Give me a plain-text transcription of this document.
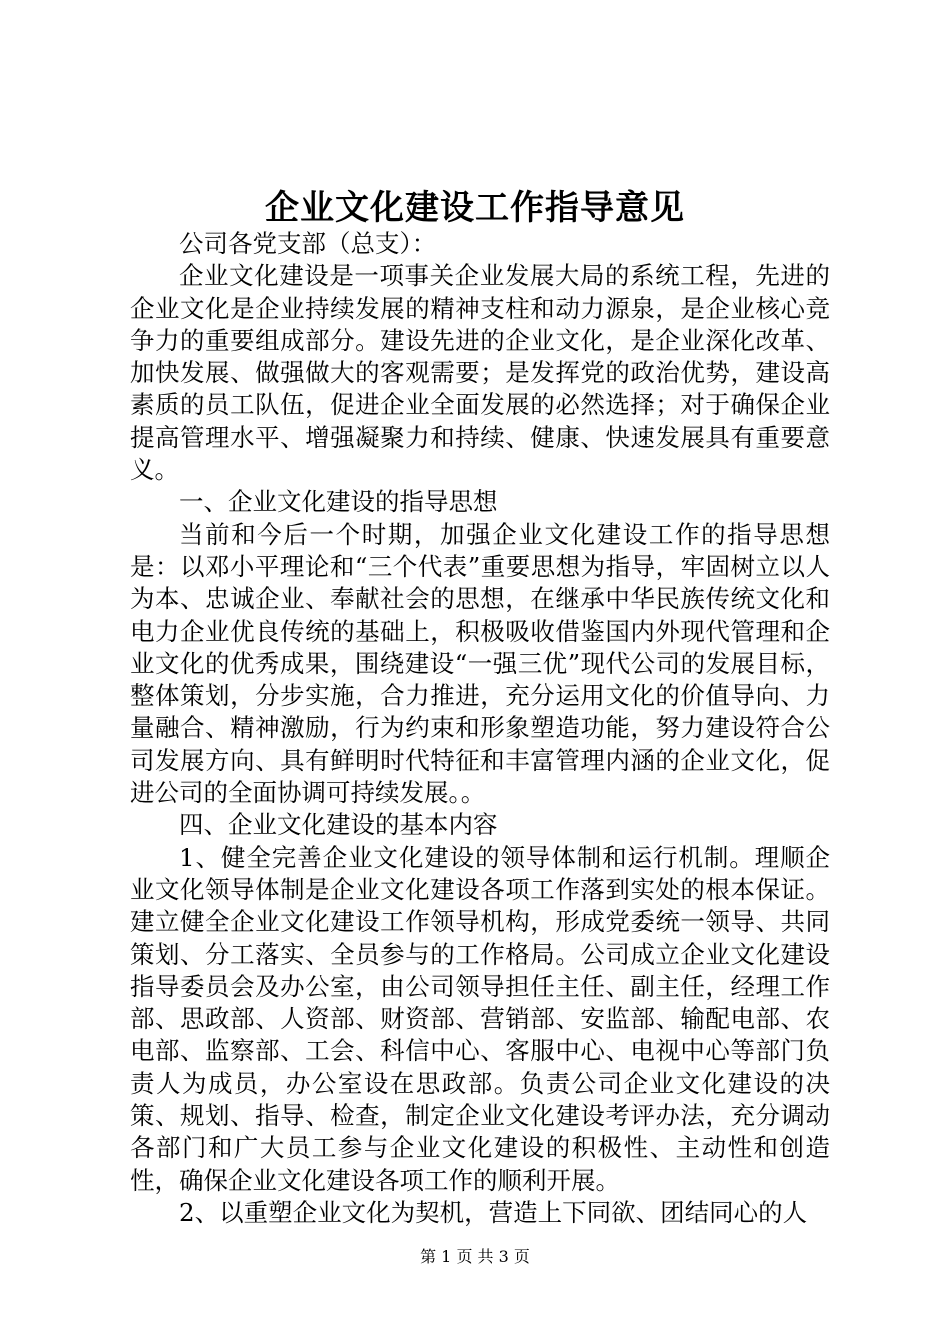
企业文化建设工作指导意见

公司各党支部（总支）：

企业文化建设是一项事关企业发展大局的系统工程，先进的企业文化是企业持续发展的精神支柱和动力源泉，是企业核心竞争力的重要组成部分。建设先进的企业文化，是企业深化改革、加快发展、做强做大的客观需要；是发挥党的政治优势，建设高素质的员工队伍，促进企业全面发展的必然选择；对于确保企业提高管理水平、增强凝聚力和持续、健康、快速发展具有重要意义。

一、企业文化建设的指导思想

当前和今后一个时期，加强企业文化建设工作的指导思想是：以邓小平理论和“三个代表”重要思想为指导，牢固树立以人为本、忠诚企业、奉献社会的思想，在继承中华民族传统文化和电力企业优良传统的基础上，积极吸收借鉴国内外现代管理和企业文化的优秀成果，围绕建设“一强三优”现代公司的发展目标，整体策划，分步实施，合力推进，充分运用文化的价值导向、力量融合、精神激励，行为约束和形象塑造功能，努力建设符合公司发展方向、具有鲜明时代特征和丰富管理内涵的企业文化，促进公司的全面协调可持续发展。。

四、企业文化建设的基本内容

1、健全完善企业文化建设的领导体制和运行机制。理顺企业文化领导体制是企业文化建设各项工作落到实处的根本保证。建立健全企业文化建设工作领导机构，形成党委统一领导、共同策划、分工落实、全员参与的工作格局。公司成立企业文化建设指导委员会及办公室，由公司领导担任主任、副主任，经理工作部、思政部、人资部、财资部、营销部、安监部、输配电部、农电部、监察部、工会、科信中心、客服中心、电视中心等部门负责人为成员，办公室设在思政部。负责公司企业文化建设的决策、规划、指导、检查，制定企业文化建设考评办法，充分调动各部门和广大员工参与企业文化建设的积极性、主动性和创造性，确保企业文化建设各项工作的顺利开展。

2、以重塑企业文化为契机，营造上下同欲、团结同心的人

第 1 页 共 3 页
